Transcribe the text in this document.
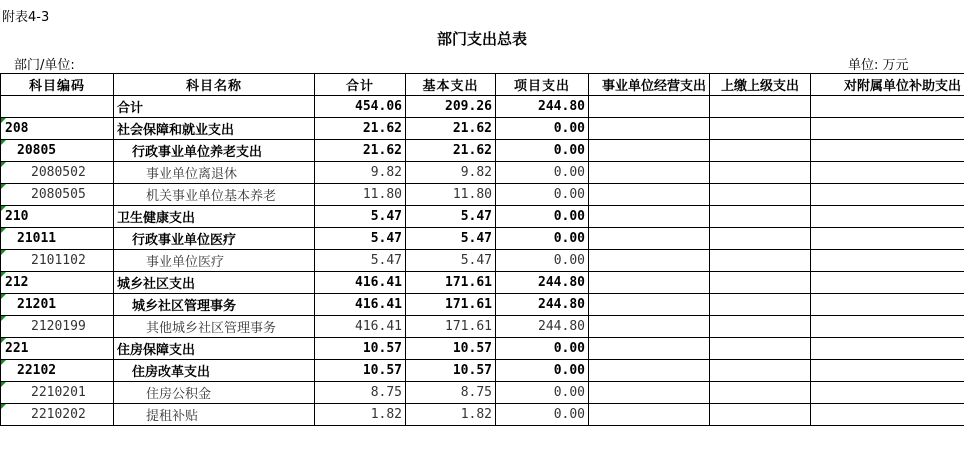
附表4-3
部门支出总表
部门/单位:	单位: 万元
科目编码	科目名称	合计	基本支出	项目支出	事业单位经营支出	上缴上级支出	对附属单位补助支出

	合计	454.06	209.26	244.80			
208	社会保障和就业支出	21.62	21.62	0.00			
20805	行政事业单位养老支出	21.62	21.62	0.00			
2080502	事业单位离退休	9.82	9.82	0.00			
2080505	机关事业单位基本养老	11.80	11.80	0.00			
210	卫生健康支出	5.47	5.47	0.00			
21011	行政事业单位医疗	5.47	5.47	0.00			
2101102	事业单位医疗	5.47	5.47	0.00			
212	城乡社区支出	416.41	171.61	244.80			
21201	城乡社区管理事务	416.41	171.61	244.80			
2120199	其他城乡社区管理事务	416.41	171.61	244.80			
221	住房保障支出	10.57	10.57	0.00			
22102	住房改革支出	10.57	10.57	0.00			
2210201	住房公积金	8.75	8.75	0.00			
2210202	提租补贴	1.82	1.82	0.00			
